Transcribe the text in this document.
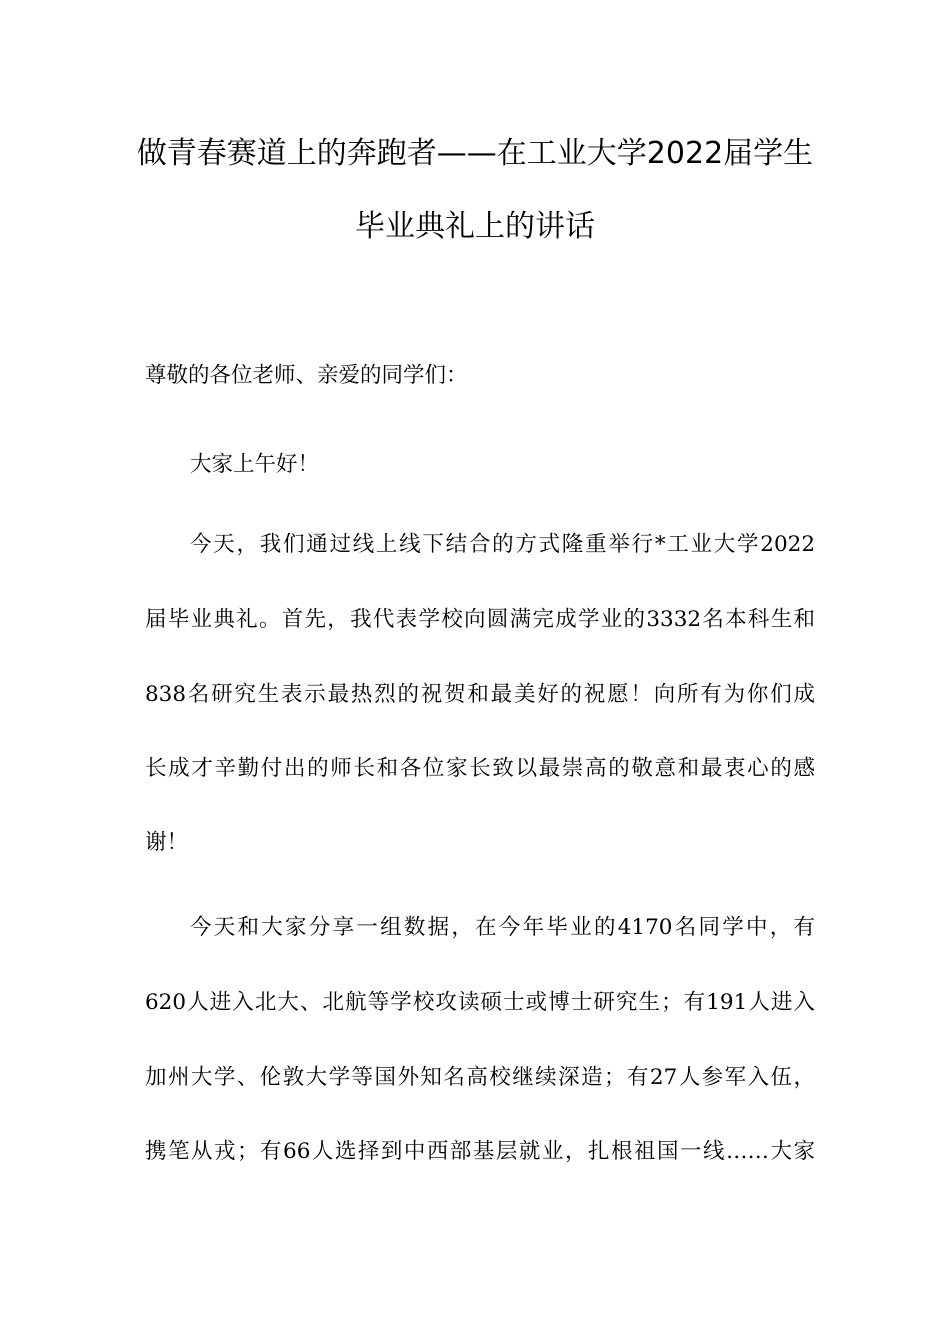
做青春赛道上的奔跑者——在工业大学2022届学生
毕业典礼上的讲话
尊敬的各位老师、亲爱的同学们：
大家上午好！
今天，我们通过线上线下结合的方式隆重举行*工业大学2022
届毕业典礼。首先，我代表学校向圆满完成学业的3332名本科生和
838名研究生表示最热烈的祝贺和最美好的祝愿！向所有为你们成
长成才辛勤付出的师长和各位家长致以最崇高的敬意和最衷心的感
谢！
今天和大家分享一组数据，在今年毕业的4170名同学中，有
620人进入北大、北航等学校攻读硕士或博士研究生；有191人进入
加州大学、伦敦大学等国外知名高校继续深造；有27人参军入伍，
携笔从戎；有66人选择到中西部基层就业，扎根祖国一线……大家
